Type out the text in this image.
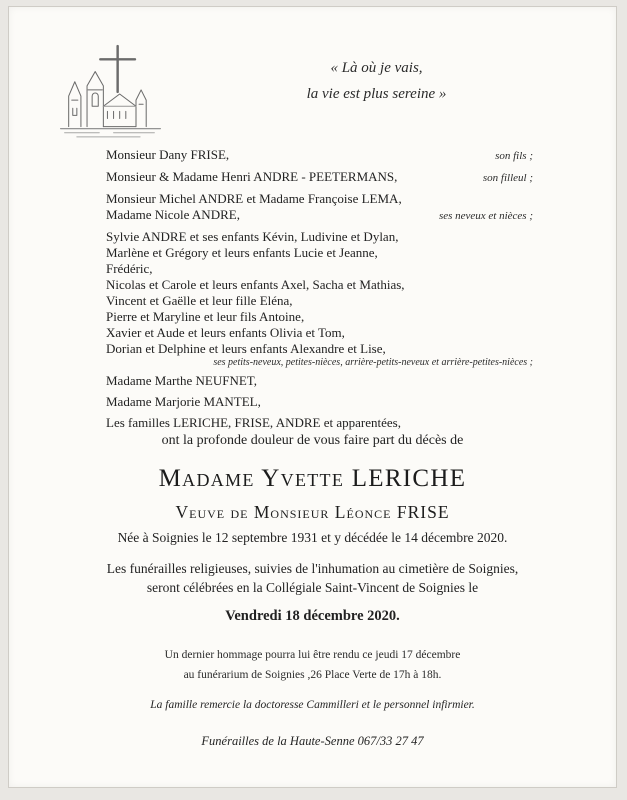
« Là où je vais,
la vie est plus sereine »
Monsieur Dany FRISE,	son fils ;
Monsieur & Madame Henri ANDRE - PEETERMANS,	son filleul ;
Monsieur Michel ANDRE et Madame Françoise LEMA,
Madame Nicole ANDRE,	ses neveux et nièces ;
Sylvie ANDRE et ses enfants Kévin, Ludivine et Dylan,
Marlène et Grégory et leurs enfants Lucie et Jeanne,
Frédéric,
Nicolas et Carole et leurs enfants Axel, Sacha et Mathias,
Vincent et Gaëlle et leur fille Eléna,
Pierre et Maryline et leur fils Antoine,
Xavier et Aude et leurs enfants Olivia et Tom,
Dorian et Delphine et leurs enfants Alexandre et Lise,
ses petits-neveux, petites-nièces, arrière-petits-neveux et arrière-petites-nièces ;
Madame Marthe NEUFNET,
Madame Marjorie MANTEL,
Les familles LERICHE, FRISE, ANDRE et apparentées,
ont la profonde douleur de vous faire part du décès de
Madame Yvette LERICHE
Veuve de Monsieur Léonce FRISE
Née à Soignies le 12 septembre 1931 et y décédée le 14 décembre 2020.
Les funérailles religieuses, suivies de l'inhumation au cimetière de Soignies,
seront célébrées en la Collégiale Saint-Vincent de Soignies le
Vendredi 18 décembre 2020.
Un dernier hommage pourra lui être rendu ce jeudi 17 décembre
au funérarium de Soignies ,26 Place Verte de 17h à 18h.
La famille remercie la doctoresse Cammilleri et le personnel infirmier.
Funérailles de la Haute-Senne 067/33 27 47
